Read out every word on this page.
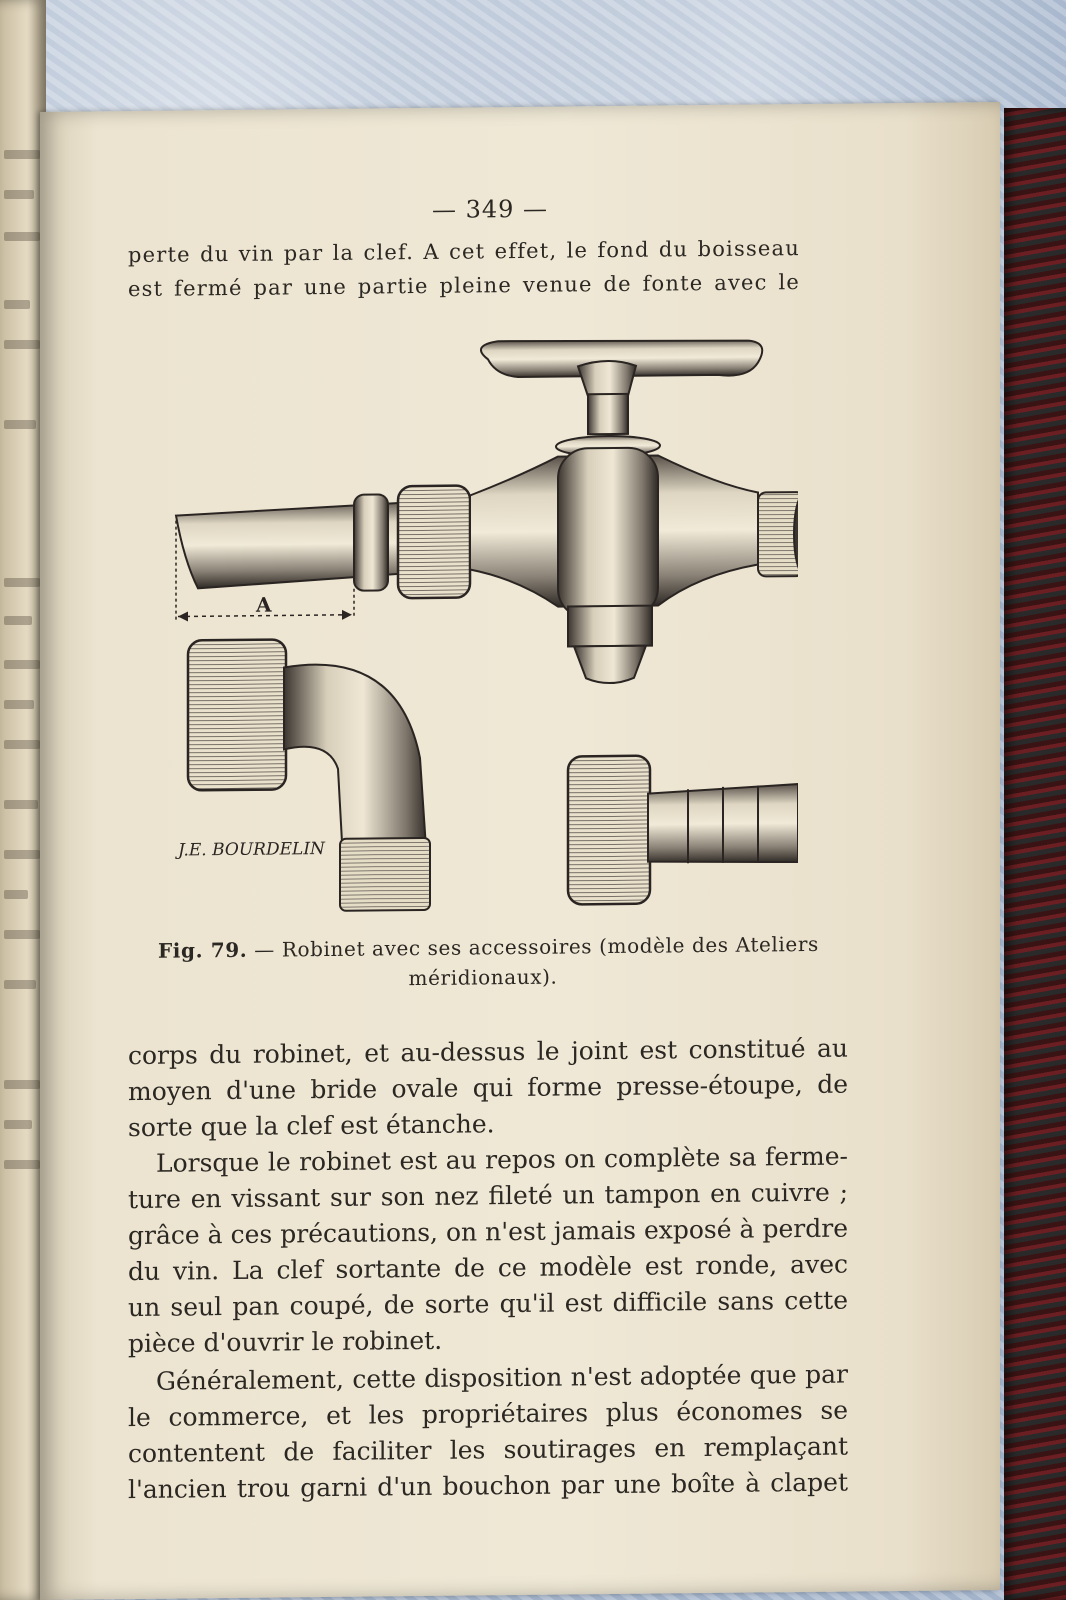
— 349 —
perte du vin par la clef. A cet effet, le fond du boisseau
est fermé par une partie pleine venue de fonte avec le
A
J.E. BOURDELIN
Fig. 79. — Robinet avec ses accessoires (modèle des Ateliers
méridionaux).
corps du robinet, et au-dessus le joint est constitué au
moyen d'une bride ovale qui forme presse-étoupe, de
sorte que la clef est étanche.
Lorsque le robinet est au repos on complète sa ferme-
ture en vissant sur son nez fileté un tampon en cuivre ;
grâce à ces précautions, on n'est jamais exposé à perdre
du vin. La clef sortante de ce modèle est ronde, avec
un seul pan coupé, de sorte qu'il est difficile sans cette
pièce d'ouvrir le robinet.
Généralement, cette disposition n'est adoptée que par
le commerce, et les propriétaires plus économes se
contentent de faciliter les soutirages en remplaçant
l'ancien trou garni d'un bouchon par une boîte à clapet
